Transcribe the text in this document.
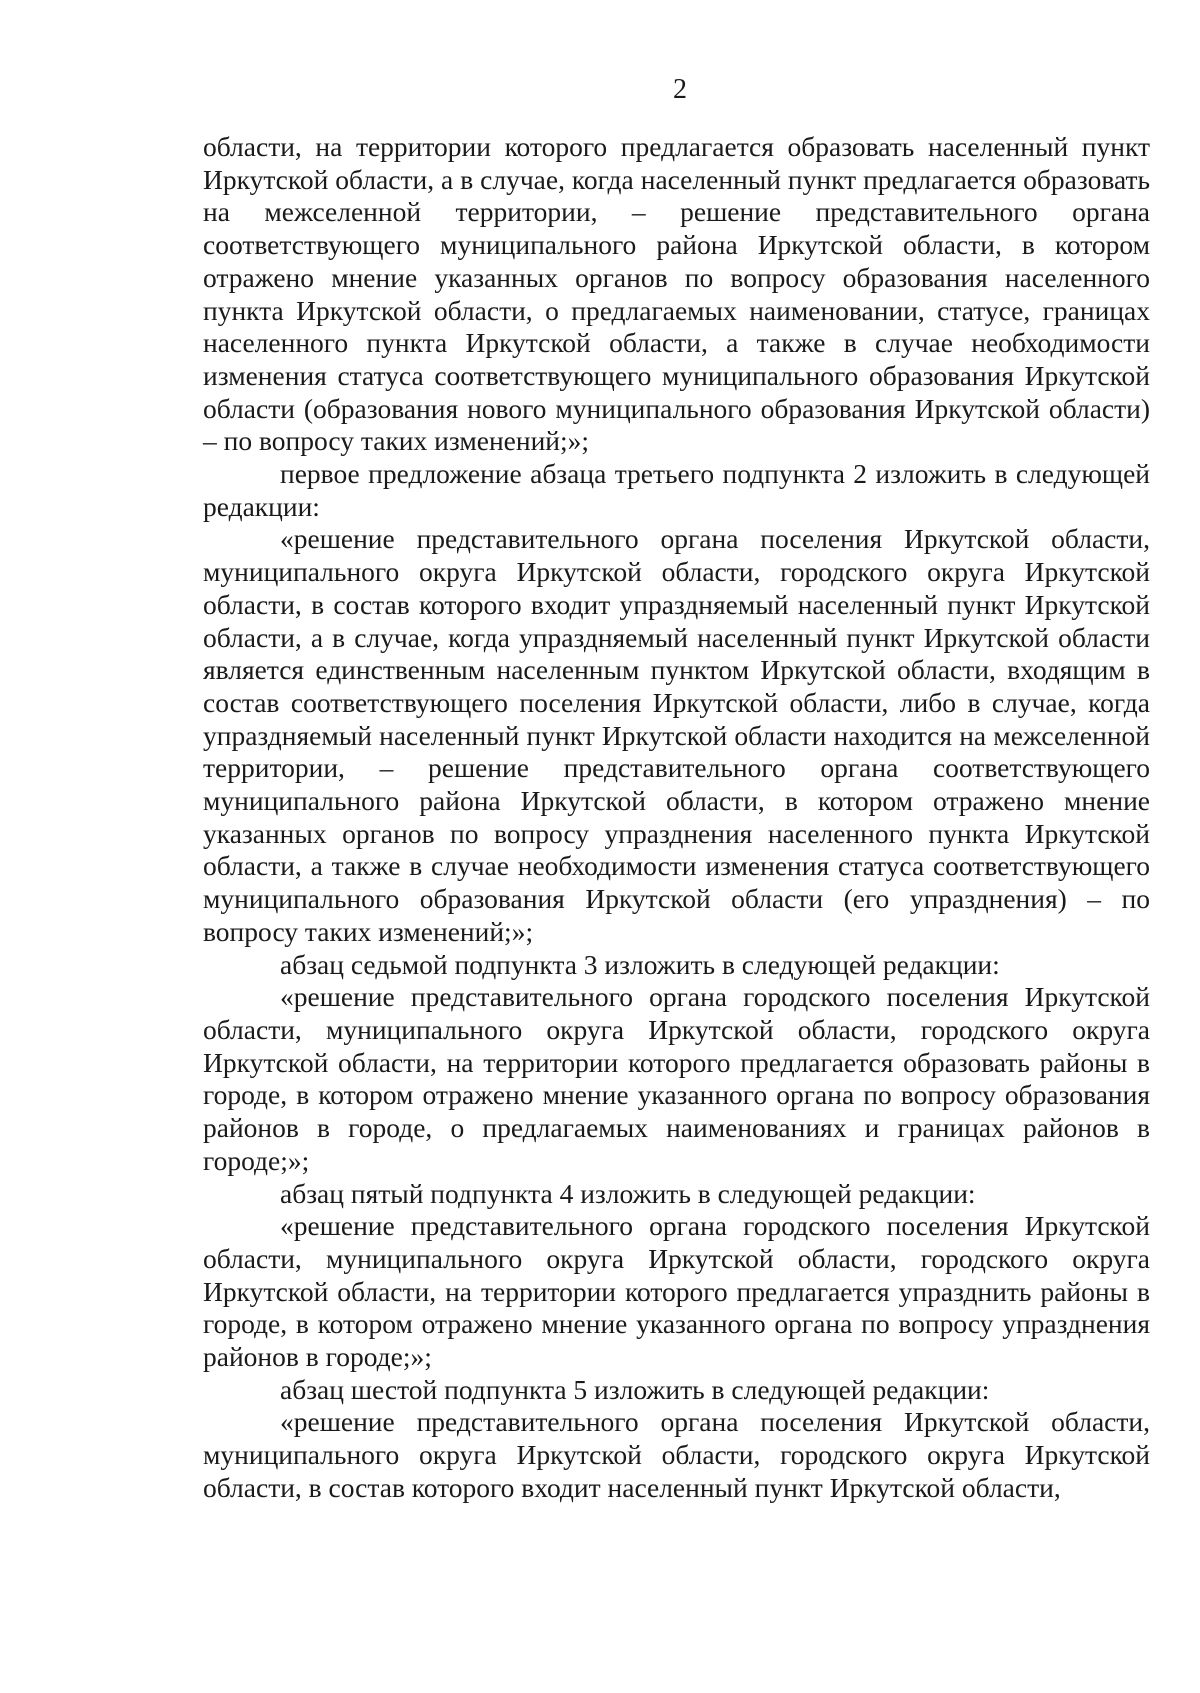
2

области, на территории которого предлагается образовать населенный пункт Иркутской области, а в случае, когда населенный пункт предлагается образовать на межселенной территории, – решение представительного органа соответствующего муниципального района Иркутской области, в котором отражено мнение указанных органов по вопросу образования населенного пункта Иркутской области, о предлагаемых наименовании, статусе, границах населенного пункта Иркутской области, а также в случае необходимости изменения статуса соответствующего муниципального образования Иркутской области (образования нового муниципального образования Иркутской области) – по вопросу таких изменений;»;

первое предложение абзаца третьего подпункта 2 изложить в следующей редакции:

«решение представительного органа поселения Иркутской области, муниципального округа Иркутской области, городского округа Иркутской области, в состав которого входит упраздняемый населенный пункт Иркутской области, а в случае, когда упраздняемый населенный пункт Иркутской области является единственным населенным пунктом Иркутской области, входящим в состав соответствующего поселения Иркутской области, либо в случае, когда упраздняемый населенный пункт Иркутской области находится на межселенной территории, – решение представительного органа соответствующего муниципального района Иркутской области, в котором отражено мнение указанных органов по вопросу упразднения населенного пункта Иркутской области, а также в случае необходимости изменения статуса соответствующего муниципального образования Иркутской области (его упразднения) – по вопросу таких изменений;»;

абзац седьмой подпункта 3 изложить в следующей редакции:

«решение представительного органа городского поселения Иркутской области, муниципального округа Иркутской области, городского округа Иркутской области, на территории которого предлагается образовать районы в городе, в котором отражено мнение указанного органа по вопросу образования районов в городе, о предлагаемых наименованиях и границах районов в городе;»;

абзац пятый подпункта 4 изложить в следующей редакции:

«решение представительного органа городского поселения Иркутской области, муниципального округа Иркутской области, городского округа Иркутской области, на территории которого предлагается упразднить районы в городе, в котором отражено мнение указанного органа по вопросу упразднения районов в городе;»;

абзац шестой подпункта 5 изложить в следующей редакции:

«решение представительного органа поселения Иркутской области, муниципального округа Иркутской области, городского округа Иркутской области, в состав которого входит населенный пункт Иркутской области,
